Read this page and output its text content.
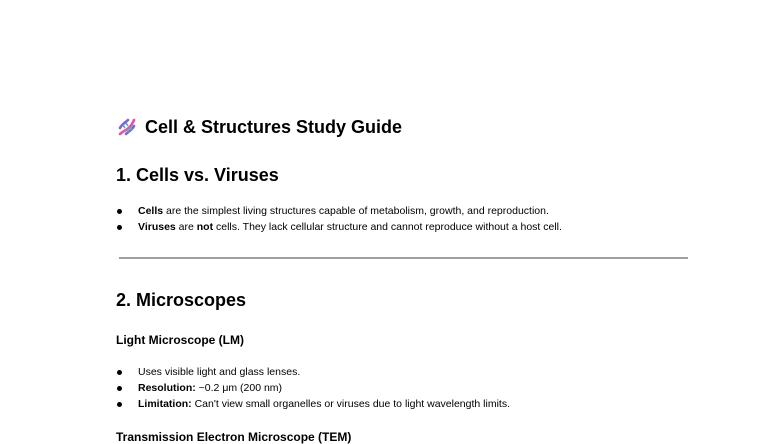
Cell & Structures Study Guide
1. Cells vs. Viruses
Cells are the simplest living structures capable of metabolism, growth, and reproduction.
Viruses are not cells. They lack cellular structure and cannot reproduce without a host cell.
2. Microscopes
Light Microscope (LM)
Uses visible light and glass lenses.
Resolution: ~0.2 μm (200 nm)
Limitation: Can't view small organelles or viruses due to light wavelength limits.
Transmission Electron Microscope (TEM)
